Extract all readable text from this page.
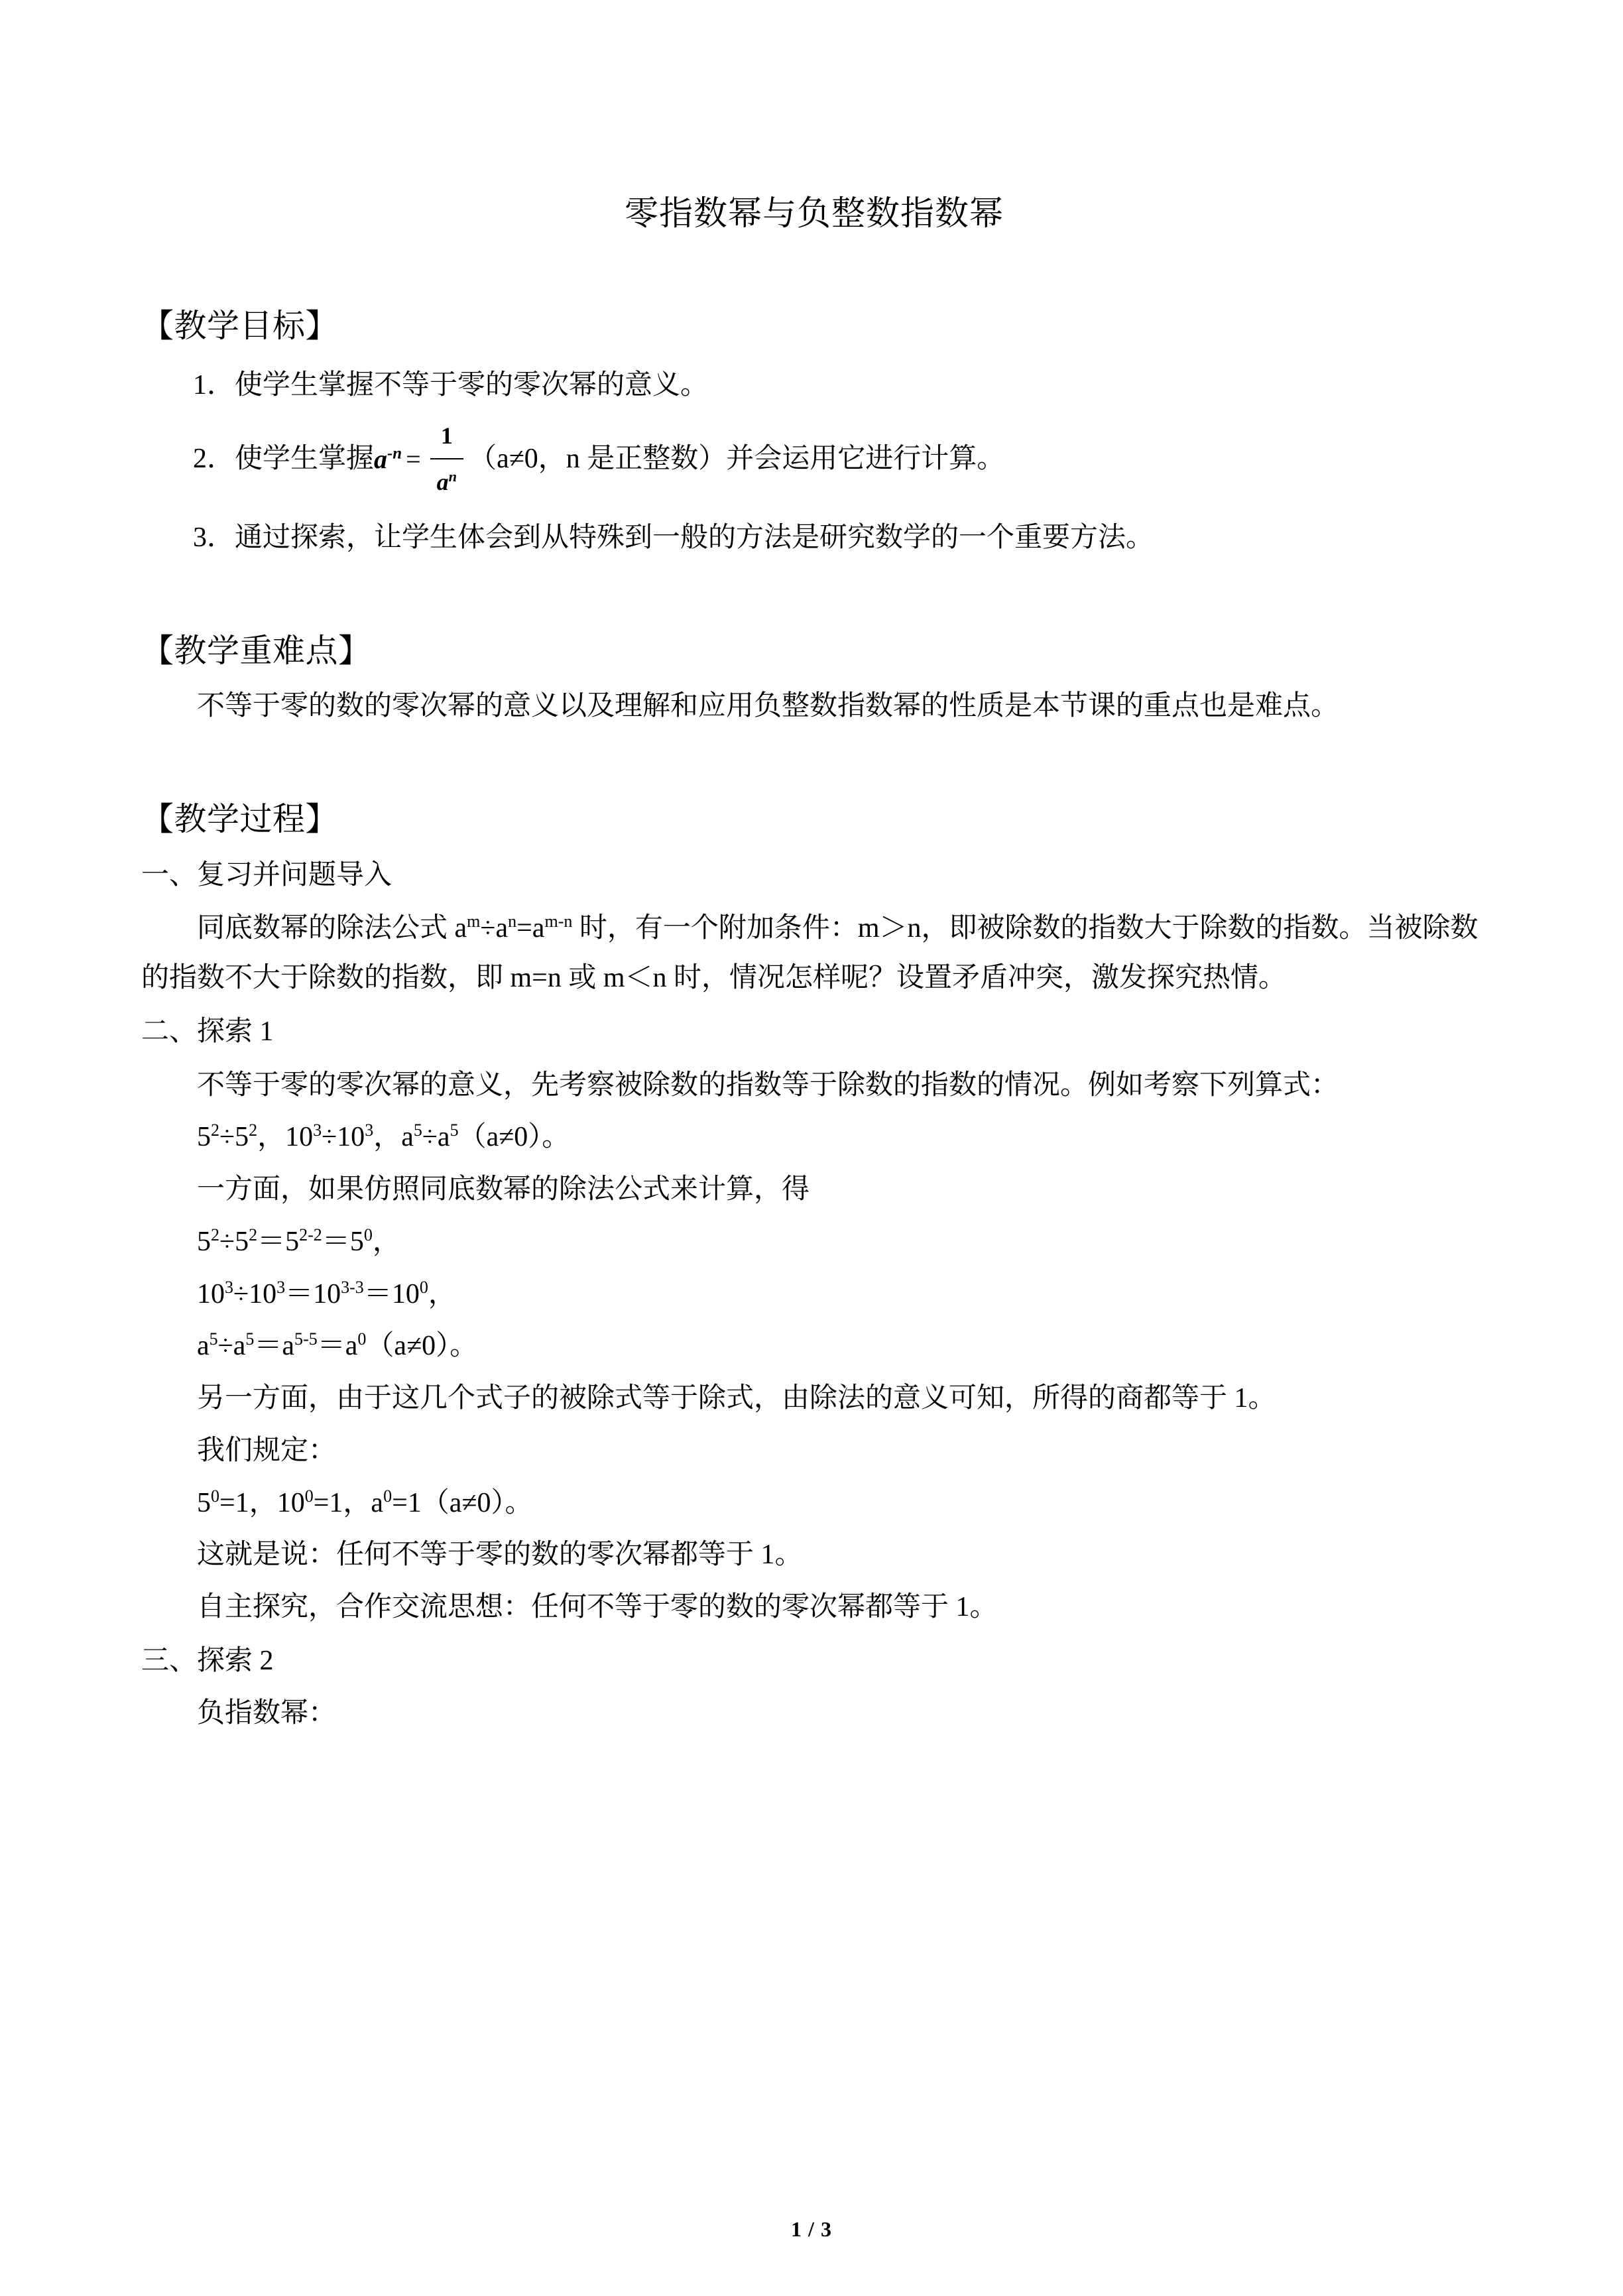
零指数幂与负整数指数幂
【教学目标】
1．使学生掌握不等于零的零次幂的意义。
2．使学生掌握 $a^{-n} = \frac{1}{a^n} (a\ne 0$，n 是正整数）并会运用它进行计算。
3．通过探索，让学生体会到从特殊到一般的方法是研究数学的一个重要方法。
【教学重难点】
不等于零的数的零次幂的意义以及理解和应用负整数指数幂的性质是本节课的重点也是难点。
【教学过程】
一、复习并问题导入
同底数幂的除法公式 $a^m\div a^n=a^{m-n}$ 时，有一个附加条件：m＞n，即被除数的指数大于除数的指数。当被除数的指数不大于除数的指数，即 m=n 或 m＜n 时，情况怎样呢？设置矛盾冲突，激发探究热情。
二、探索 1
不等于零的零次幂的意义，先考察被除数的指数等于除数的指数的情况。例如考察下列算式：
$5^2\div 5^2$，$10^3\div 10^3$，$a^5\div a^5(a\ne 0)$。
一方面，如果仿照同底数幂的除法公式来计算，得
$5^2\div 5^2=5^{2-2}=5^0$，
$10^3\div 10^3=10^{3-3}=10^0$，
$a^5\div a^5=a^{5-5}=a^0(a\ne 0)$。
另一方面，由于这几个式子的被除式等于除式，由除法的意义可知，所得的商都等于 1。
我们规定：
$5^0=1$，$10^0=1$，$a^0=1(a\ne 0)$。
这就是说：任何不等于零的数的零次幂都等于 1。
自主探究，合作交流思想：任何不等于零的数的零次幂都等于 1。
三、探索 2
负指数幂：
1 / 3
